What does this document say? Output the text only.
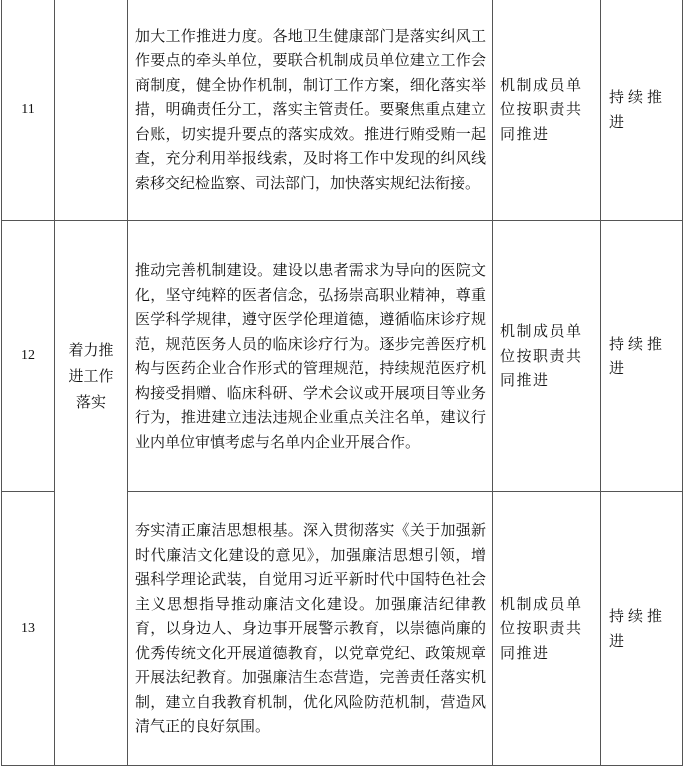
11		加大工作推进力度。各地卫生健康部门是落实纠风工作要点的牵头单位，要联合机制成员单位建立工作会商制度，健全协作机制，制订工作方案，细化落实举措，明确责任分工，落实主管责任。要聚焦重点建立台账，切实提升要点的落实成效。推进行贿受贿一起查，充分利用举报线索，及时将工作中发现的纠风线索移交纪检监察、司法部门，加快落实规纪法衔接。	机制成员单位按职责共同推进	持续推进
12	着力推进工作落实	推动完善机制建设。建设以患者需求为导向的医院文化，坚守纯粹的医者信念，弘扬崇高职业精神，尊重医学科学规律，遵守医学伦理道德，遵循临床诊疗规范，规范医务人员的临床诊疗行为。逐步完善医疗机构与医药企业合作形式的管理规范，持续规范医疗机构接受捐赠、临床科研、学术会议或开展项目等业务行为，推进建立违法违规企业重点关注名单，建议行业内单位审慎考虑与名单内企业开展合作。	机制成员单位按职责共同推进	持续推进
13		夯实清正廉洁思想根基。深入贯彻落实《关于加强新时代廉洁文化建设的意见》，加强廉洁思想引领，增强科学理论武装，自觉用习近平新时代中国特色社会主义思想指导推动廉洁文化建设。加强廉洁纪律教育，以身边人、身边事开展警示教育，以崇德尚廉的优秀传统文化开展道德教育，以党章党纪、政策规章开展法纪教育。加强廉洁生态营造，完善责任落实机制，建立自我教育机制，优化风险防范机制，营造风清气正的良好氛围。	机制成员单位按职责共同推进	持续推进
